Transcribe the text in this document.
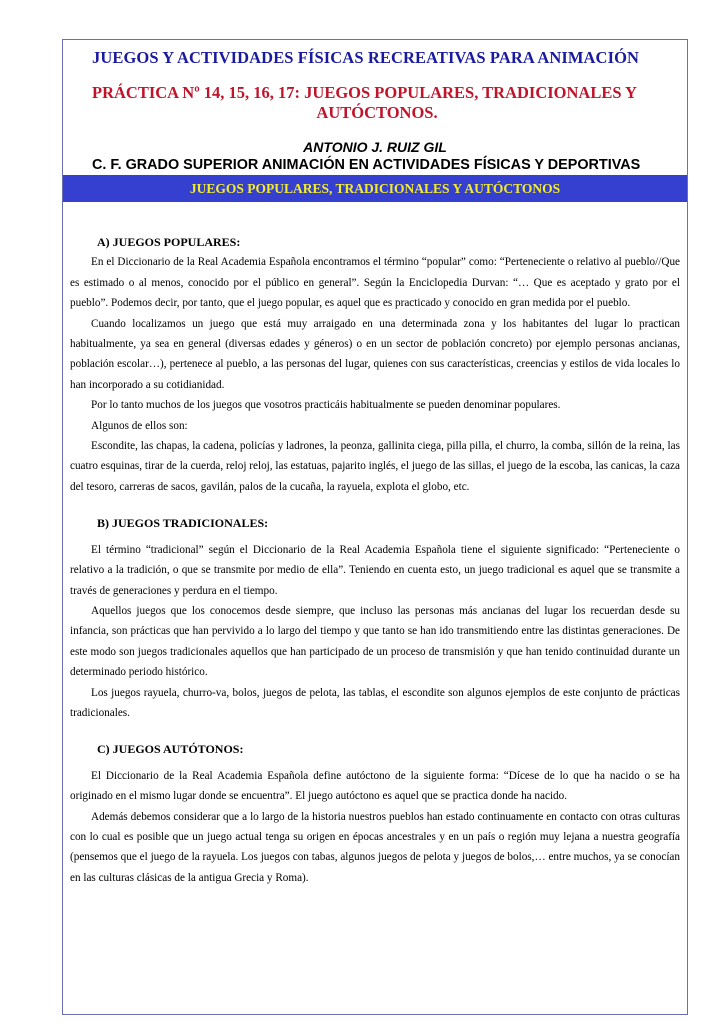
JUEGOS Y ACTIVIDADES FÍSICAS RECREATIVAS PARA ANIMACIÓN
PRÁCTICA Nº 14, 15, 16, 17: JUEGOS POPULARES, TRADICIONALES Y
AUTÓCTONOS.
ANTONIO J. RUIZ GIL
C. F. GRADO SUPERIOR ANIMACIÓN EN ACTIVIDADES FÍSICAS Y DEPORTIVAS
JUEGOS POPULARES, TRADICIONALES Y AUTÓCTONOS
A) JUEGOS POPULARES:

En el Diccionario de la Real Academia Española encontramos el término “popular” como: “Perteneciente o relativo al pueblo//Que es estimado o al menos, conocido por el público en general”. Según la Enciclopedia Durvan: “… Que es aceptado y grato por el pueblo”. Podemos decir, por tanto, que el juego popular, es aquel que es practicado y conocido en gran medida por el pueblo.

Cuando localizamos un juego que está muy arraigado en una determinada zona y los habitantes del lugar lo practican habitualmente, ya sea en general (diversas edades y géneros) o en un sector de población concreto) por ejemplo personas ancianas, población escolar…), pertenece al pueblo, a las personas del lugar, quienes con sus características, creencias y estilos de vida locales lo han incorporado a su cotidianidad.

Por lo tanto muchos de los juegos que vosotros practicáis habitualmente se pueden denominar populares.

Algunos de ellos son:

Escondite, las chapas, la cadena, policías y ladrones, la peonza, gallinita ciega, pilla pilla, el churro, la comba, sillón de la reina, las cuatro esquinas, tirar de la cuerda, reloj reloj, las estatuas, pajarito inglés, el juego de las sillas, el juego de la escoba, las canicas, la caza del tesoro, carreras de sacos, gavilán, palos de la cucaña, la rayuela, explota el globo, etc.

B) JUEGOS TRADICIONALES:

El término “tradicional” según el Diccionario de la Real Academia Española tiene el siguiente significado: “Perteneciente o relativo a la tradición, o que se transmite por medio de ella”. Teniendo en cuenta esto, un juego tradicional es aquel que se transmite a través de generaciones y perdura en el tiempo.

Aquellos juegos que los conocemos desde siempre, que incluso las personas más ancianas del lugar los recuerdan desde su infancia, son prácticas que han pervivido a lo largo del tiempo y que tanto se han ido transmitiendo entre las distintas generaciones. De este modo son juegos tradicionales aquellos que han participado de un proceso de transmisión y que han tenido continuidad durante un determinado periodo histórico.

Los juegos rayuela, churro-va, bolos, juegos de pelota, las tablas, el escondite son algunos ejemplos de este conjunto de prácticas tradicionales.

C) JUEGOS AUTÓTONOS:

El Diccionario de la Real Academia Española define autóctono de la siguiente forma: “Dícese de lo que ha nacido o se ha originado en el mismo lugar donde se encuentra”. El juego autóctono es aquel que se practica donde ha nacido.

Además debemos considerar que a lo largo de la historia nuestros pueblos han estado continuamente en contacto con otras culturas con lo cual es posible que un juego actual tenga su origen en épocas ancestrales y en un país o región muy lejana a nuestra geografía (pensemos que el juego de la rayuela. Los juegos con tabas, algunos juegos de pelota y juegos de bolos,… entre muchos, ya se conocían en las culturas clásicas de la antigua Grecia y Roma).
